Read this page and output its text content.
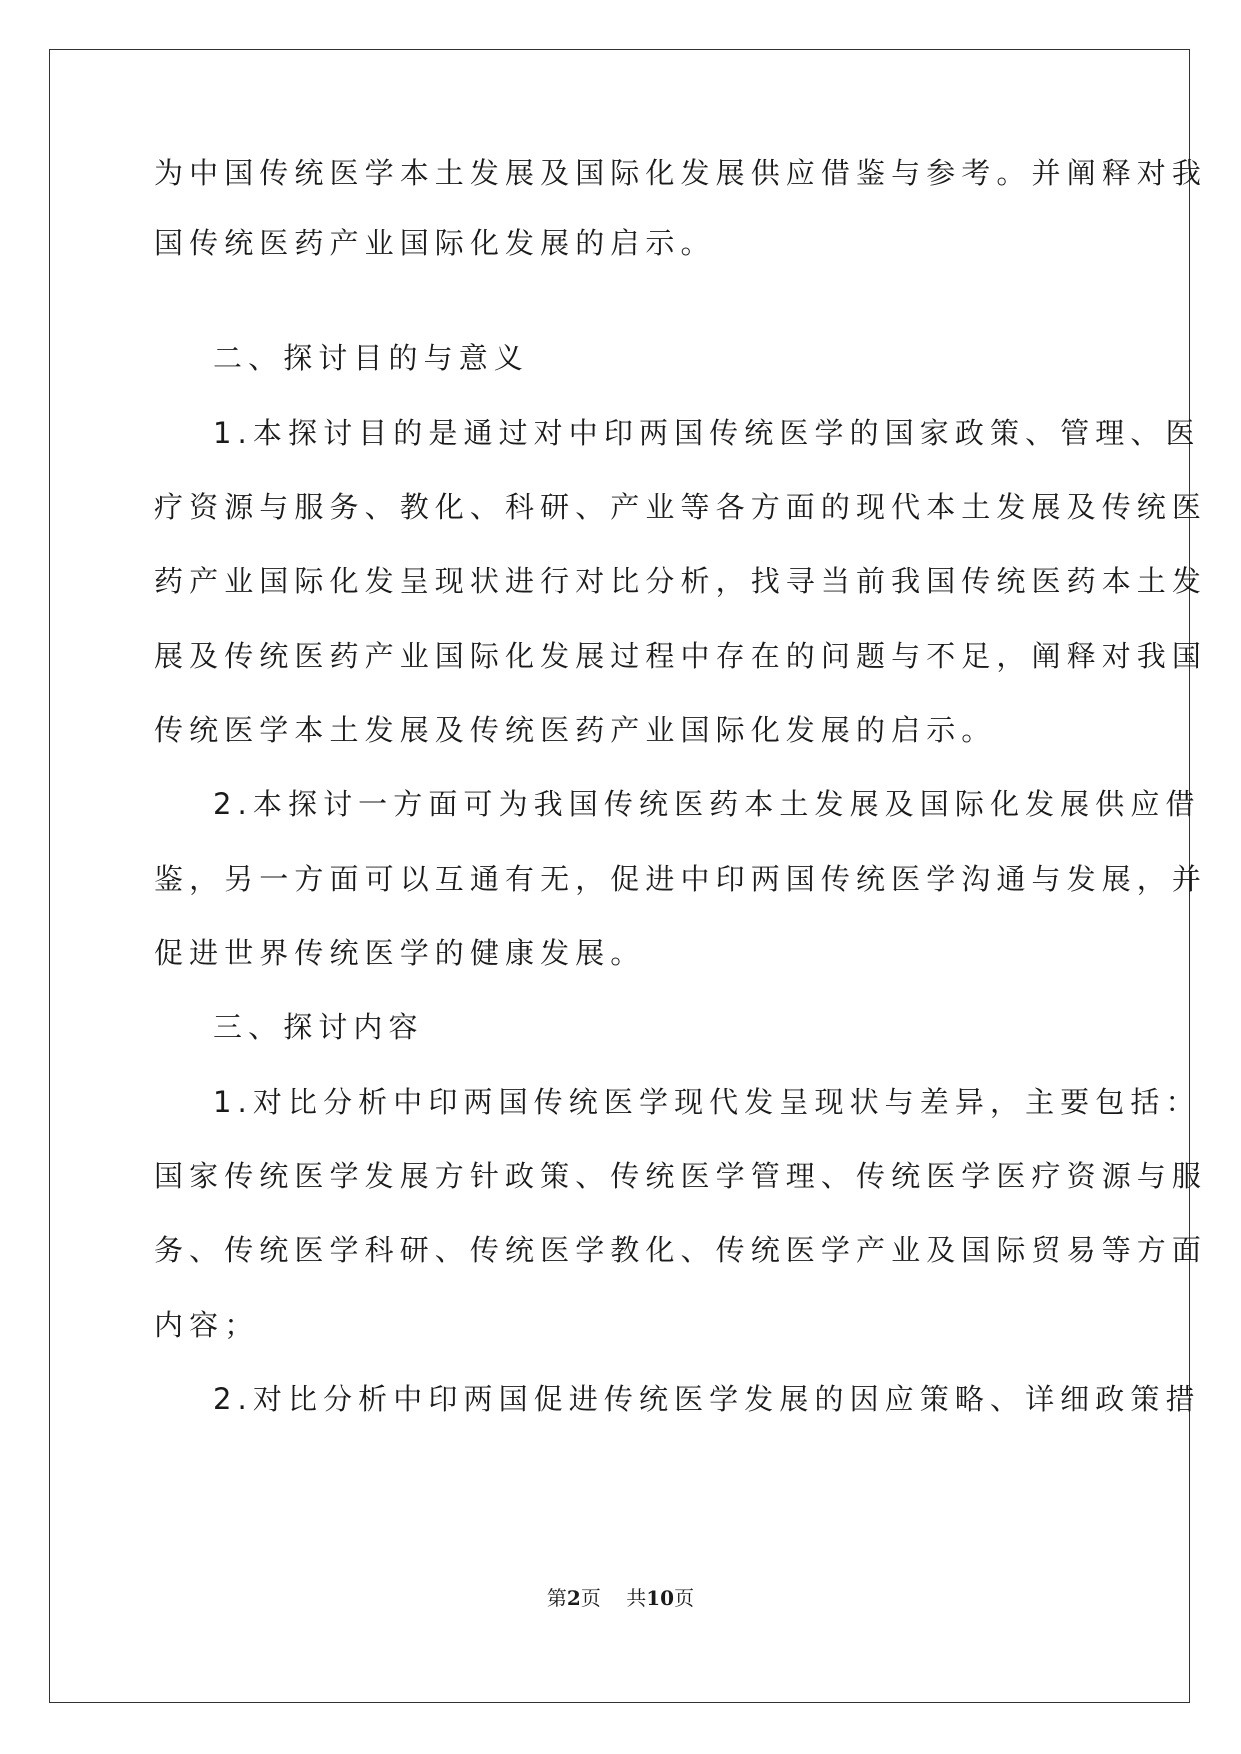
为中国传统医学本土发展及国际化发展供应借鉴与参考。并阐释对我
国传统医药产业国际化发展的启示。
二、探讨目的与意义
1.本探讨目的是通过对中印两国传统医学的国家政策、管理、医
疗资源与服务、教化、科研、产业等各方面的现代本土发展及传统医
药产业国际化发呈现状进行对比分析，找寻当前我国传统医药本土发
展及传统医药产业国际化发展过程中存在的问题与不足，阐释对我国
传统医学本土发展及传统医药产业国际化发展的启示。
2.本探讨一方面可为我国传统医药本土发展及国际化发展供应借
鉴，另一方面可以互通有无，促进中印两国传统医学沟通与发展，并
促进世界传统医学的健康发展。
三、探讨内容
1.对比分析中印两国传统医学现代发呈现状与差异，主要包括：
国家传统医学发展方针政策、传统医学管理、传统医学医疗资源与服
务、传统医学科研、传统医学教化、传统医学产业及国际贸易等方面
内容；
2.对比分析中印两国促进传统医学发展的因应策略、详细政策措
第2页 共10页
